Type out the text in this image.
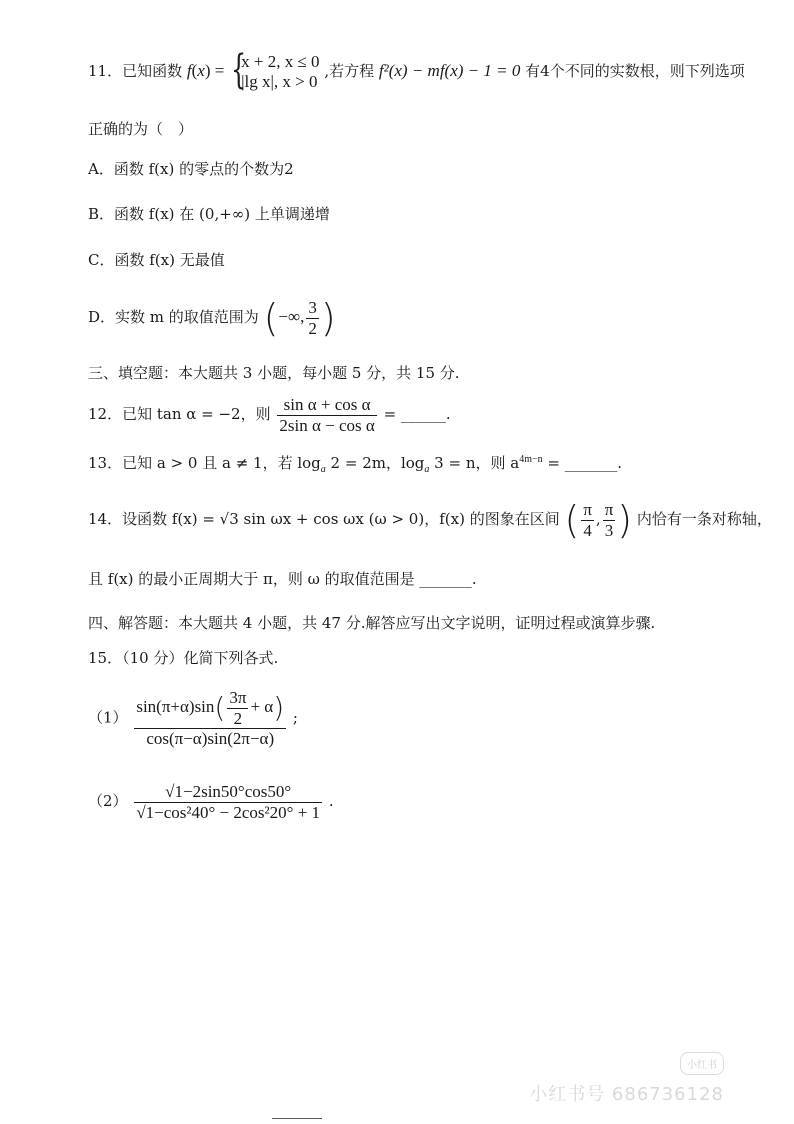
11．已知函数 f(x) = {
x + 2, x ≤ 0
|lg x|, x > 0
,若方程 f²(x) − mf(x) − 1 = 0 有4个不同的实数根，则下列选项
正确的为（　）
A．函数 f(x) 的零点的个数为2
B．函数 f(x) 在 (0,+∞) 上单调递增
C．函数 f(x) 无最值
D．实数 m 的取值范围为 (−∞, $\frac{3}{2}$ )
三、填空题：本大题共 3 小题，每小题 5 分，共 15 分.
12．已知 tan α = −2，则 $\frac{\text{sin α + cos α}}{\text{2sin α − cos α}}$ = ______.
13．已知 a > 0 且 a ≠ 1，若 $\log_a 2 = 2m$，$\log_a 3 = n$，则 $a^{4m-n}$ = _______.
14．设函数 f(x) = √3 sin ωx + cos ωx (ω > 0)，f(x) 的图象在区间 ( $\frac{\pi}{4}$ , $\frac{\pi}{3}$ ) 内恰有一条对称轴，
且 f(x) 的最小正周期大于 π，则 ω 的取值范围是 _______.
四、解答题：本大题共 4 小题，共 47 分.解答应写出文字说明，证明过程或演算步骤.
15．（10 分）化简下列各式.
$(1) \frac{\sin(\pi+\alpha)\sin( \frac{3\pi}{2} + \alpha)}{\cos(\pi-\alpha)\sin(2\pi-\alpha)}$ ;
$(2) \frac{√1-2\sin 50^\circ\cos 50^\circ}{\text{√1−cos²40° − 2cos²20° + 1}}$ .
小红书
小红书号 686736128
